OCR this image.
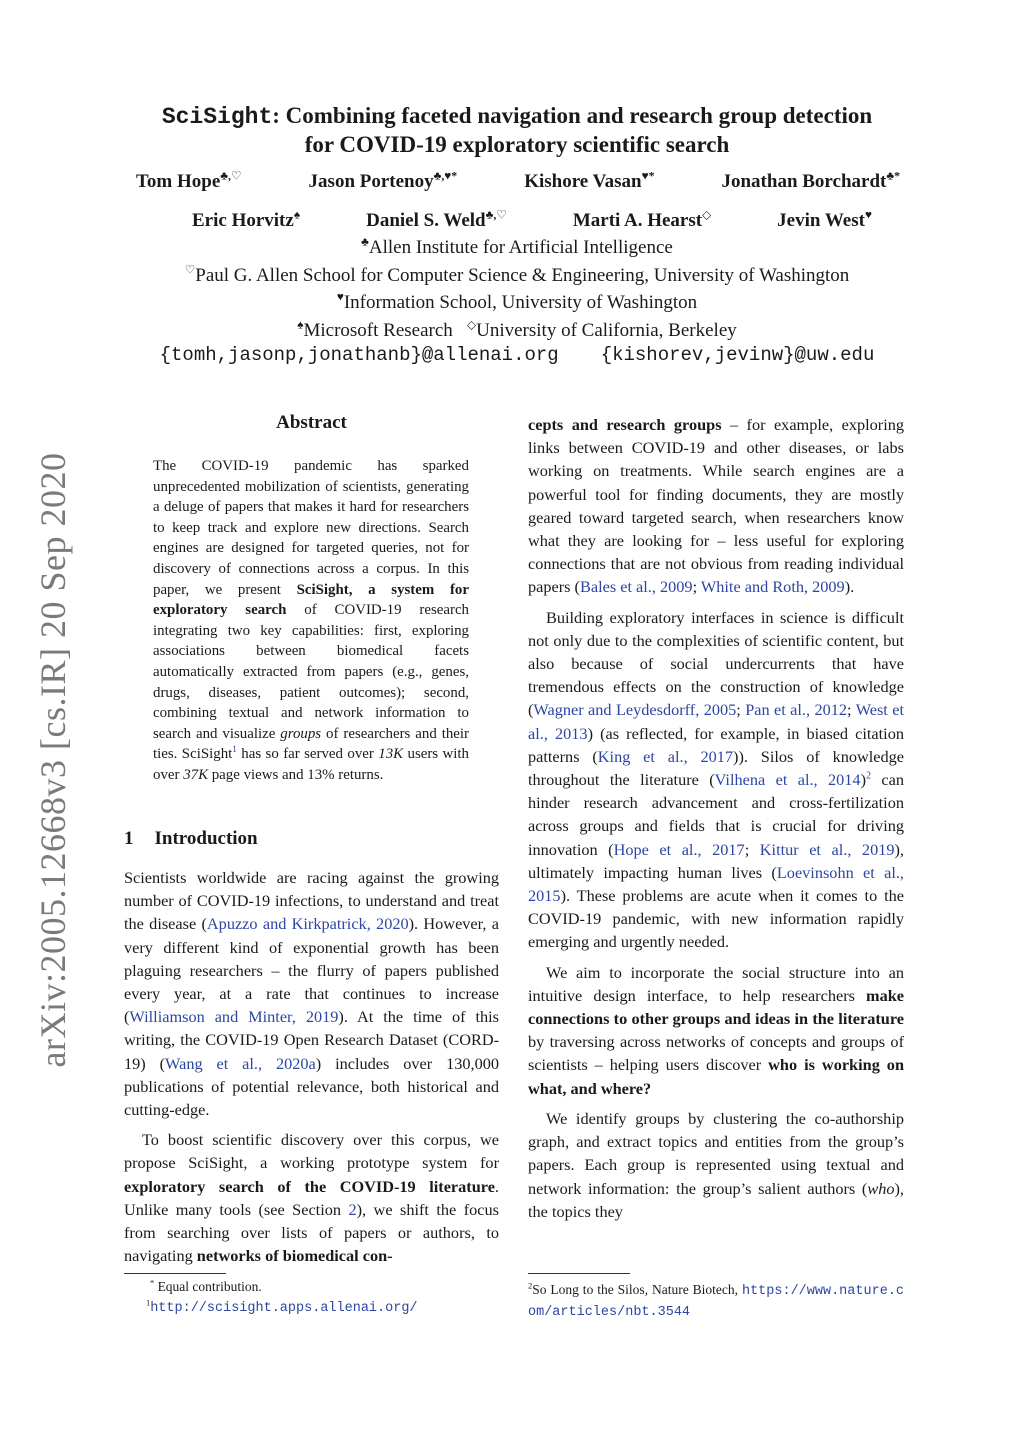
arXiv:2005.12668v3 [cs.IR] 20 Sep 2020
SciSight: Combining faceted navigation and research group detection
for COVID-19 exploratory scientific search
Tom Hope♣,♡	Jason Portenoy♣,♥*	Kishore Vasan♥*	Jonathan Borchardt♣*
Eric Horvitz♠	Daniel S. Weld♣,♡	Marti A. Hearst◇	Jevin West♥
♣Allen Institute for Artificial Intelligence
♡Paul G. Allen School for Computer Science & Engineering, University of Washington
♥Information School, University of Washington
♠Microsoft Research ◇University of California, Berkeley
{tomh,jasonp,jonathanb}@allenai.org {kishorev,jevinw}@uw.edu
Abstract
The COVID-19 pandemic has sparked unprecedented mobilization of scientists, generating a deluge of papers that makes it hard for researchers to keep track and explore new directions. Search engines are designed for targeted queries, not for discovery of connections across a corpus. In this paper, we present SciSight, a system for exploratory search of COVID-19 research integrating two key capabilities: first, exploring associations between biomedical facets automatically extracted from papers (e.g., genes, drugs, diseases, patient outcomes); second, combining textual and network information to search and visualize groups of researchers and their ties. SciSight$^1$ has so far served over 13K users with over 37K page views and 13% returns.
1 Introduction

Scientists worldwide are racing against the growing number of COVID-19 infections, to understand and treat the disease (Apuzzo and Kirkpatrick, 2020). However, a very different kind of exponential growth has been plaguing researchers – the flurry of papers published every year, at a rate that continues to increase (Williamson and Minter, 2019). At the time of this writing, the COVID-19 Open Research Dataset (CORD-19) (Wang et al., 2020a) includes over 130,000 publications of potential relevance, both historical and cutting-edge.

To boost scientific discovery over this corpus, we propose SciSight, a working prototype system for exploratory search of the COVID-19 literature. Unlike many tools (see Section 2), we shift the focus from searching over lists of papers or authors, to navigating networks of biomedical con-

cepts and research groups – for example, exploring links between COVID-19 and other diseases, or labs working on treatments. While search engines are a powerful tool for finding documents, they are mostly geared toward targeted search, when researchers know what they are looking for – less useful for exploring connections that are not obvious from reading individual papers (Bales et al., 2009; White and Roth, 2009).

Building exploratory interfaces in science is difficult not only due to the complexities of scientific content, but also because of social undercurrents that have tremendous effects on the construction of knowledge (Wagner and Leydesdorff, 2005; Pan et al., 2012; West et al., 2013) (as reflected, for example, in biased citation patterns (King et al., 2017)). Silos of knowledge throughout the literature (Vilhena et al., 2014)$^2$ can hinder research advancement and cross-fertilization across groups and fields that is crucial for driving innovation (Hope et al., 2017; Kittur et al., 2019), ultimately impacting human lives (Loevinsohn et al., 2015). These problems are acute when it comes to the COVID-19 pandemic, with new information rapidly emerging and urgently needed.

We aim to incorporate the social structure into an intuitive design interface, to help researchers make connections to other groups and ideas in the literature by traversing across networks of concepts and groups of scientists – helping users discover who is working on what, and where?

We identify groups by clustering the co-authorship graph, and extract topics and entities from the group’s papers. Each group is represented using textual and network information: the group’s salient authors (who), the topics they

* Equal contribution.
$^1$http://scisight.apps.allenai.org/
$^2$So Long to the Silos, Nature Biotech, https://www.nature.com/articles/nbt.3544
